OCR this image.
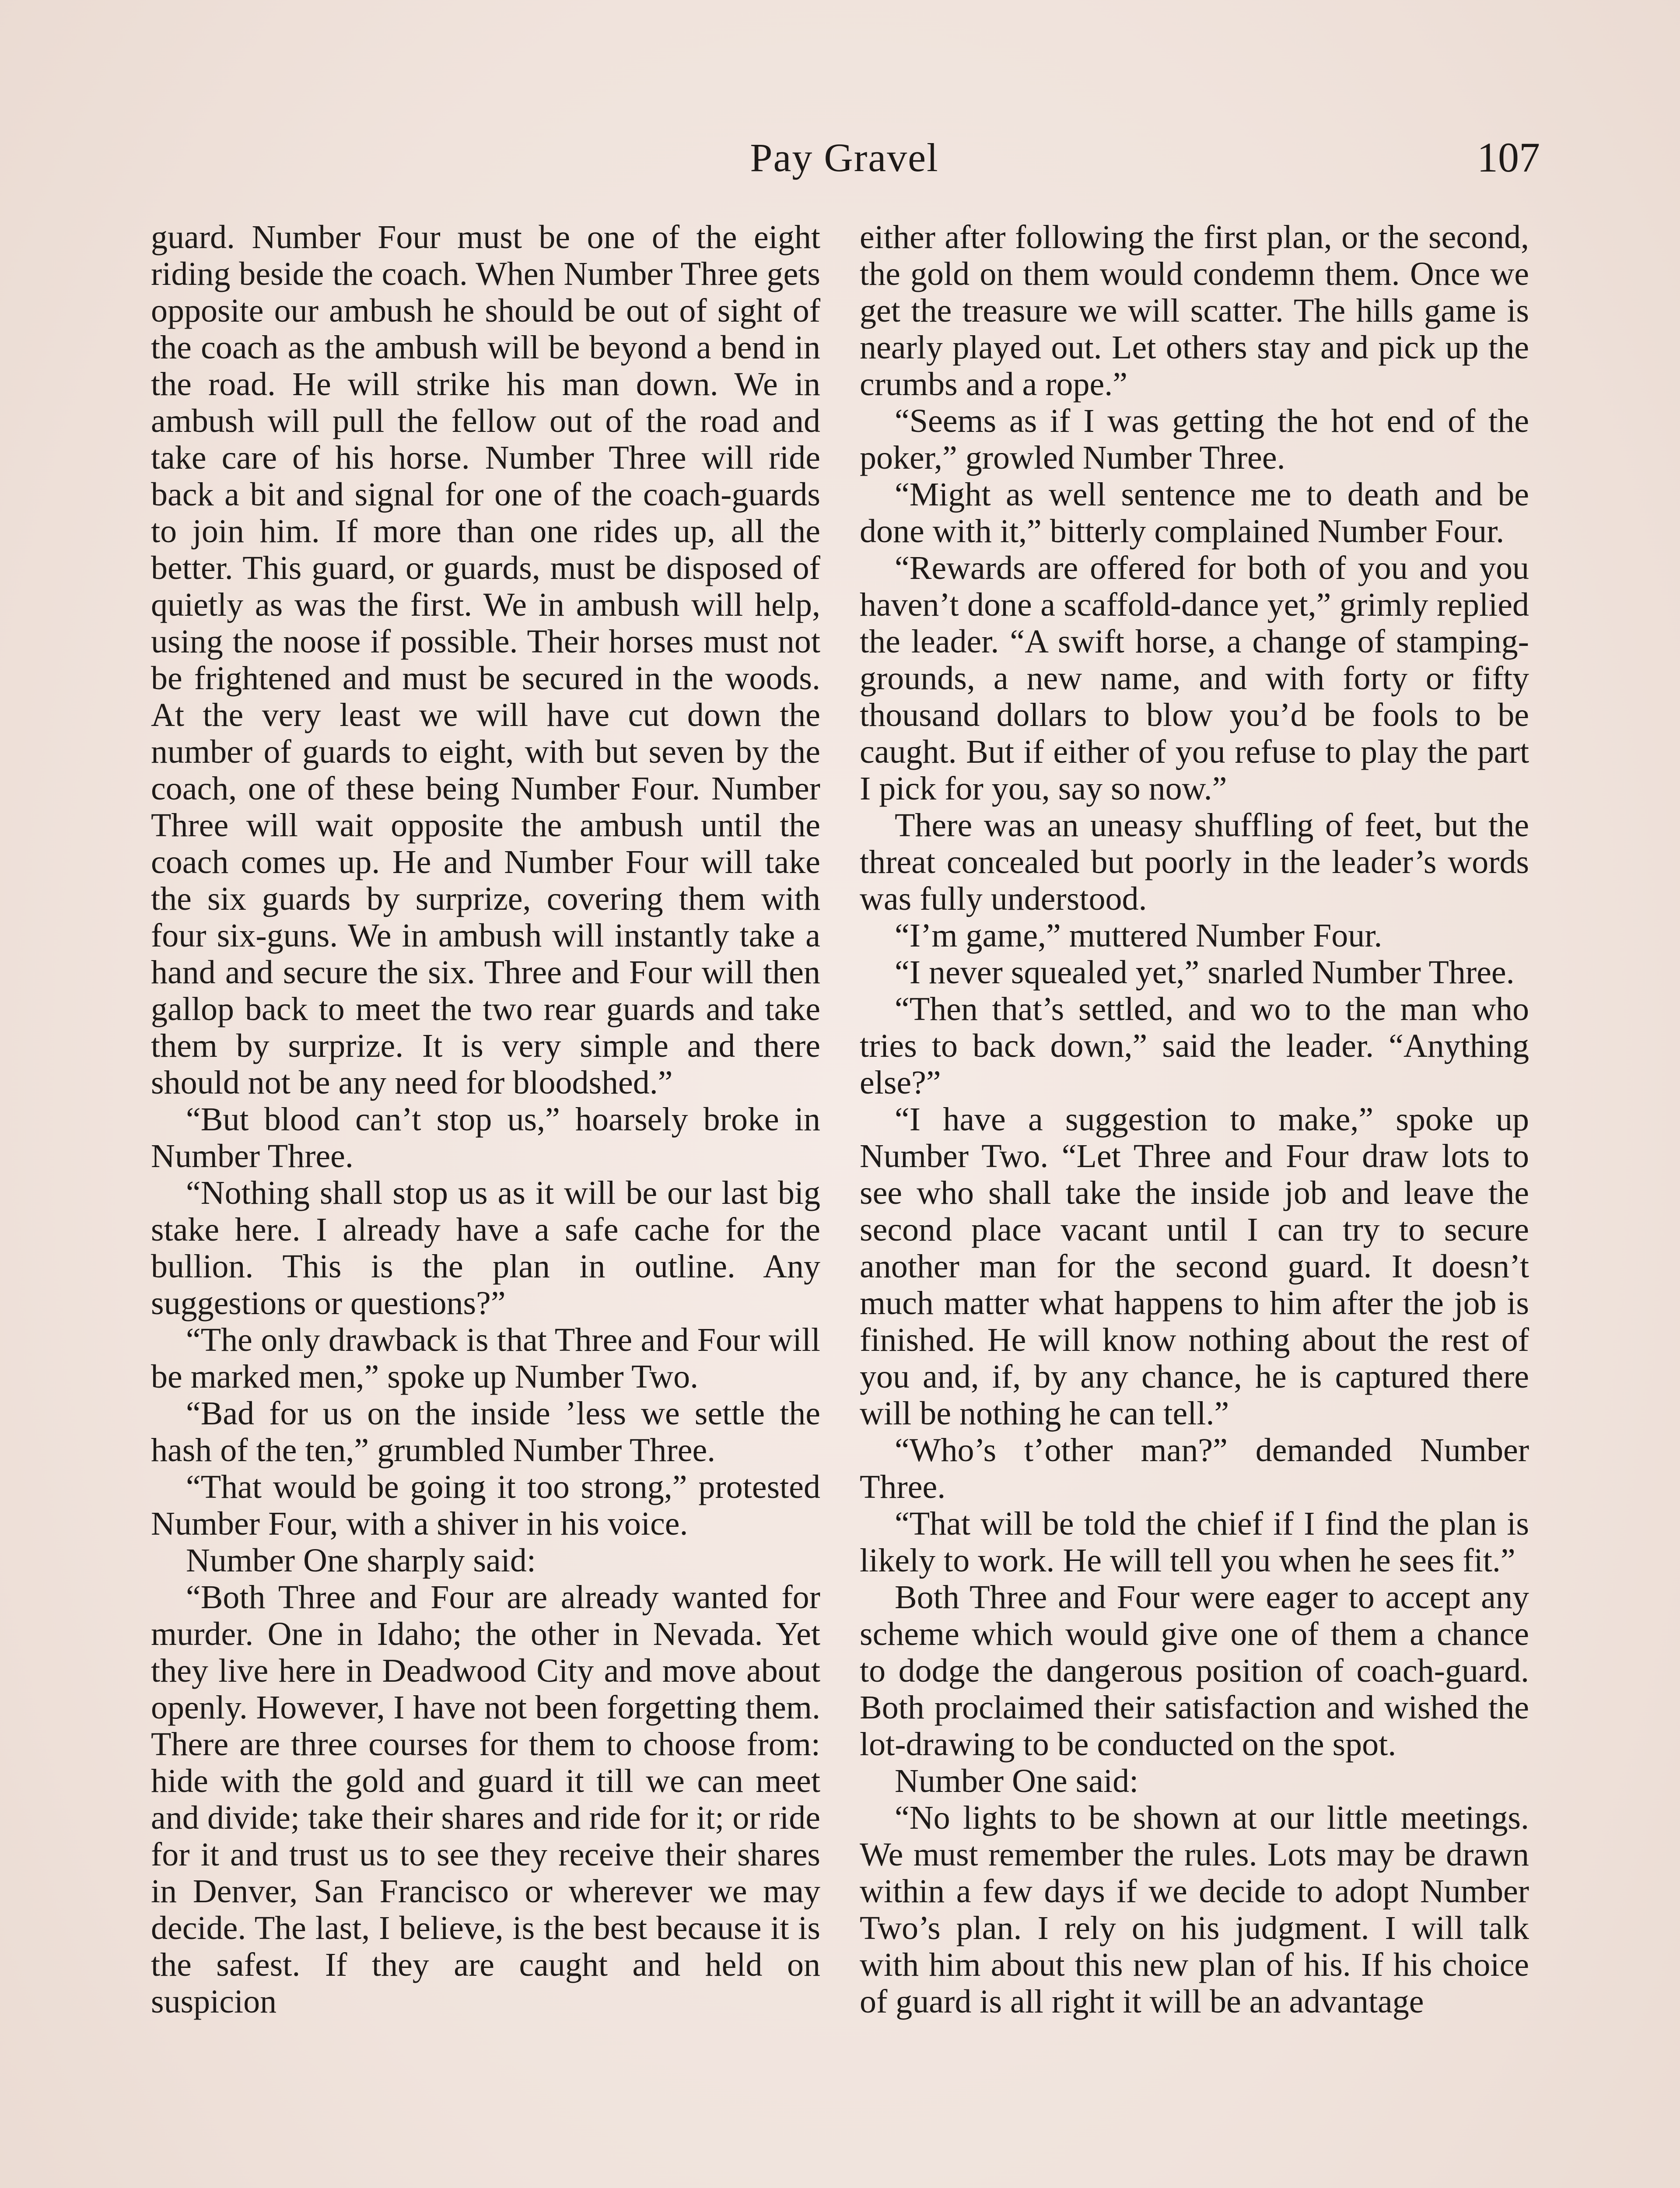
Pay Gravel	107

guard. Number Four must be one of the eight riding beside the coach. When Number Three gets opposite our ambush he should be out of sight of the coach as the ambush will be beyond a bend in the road. He will strike his man down. We in ambush will pull the fellow out of the road and take care of his horse. Number Three will ride back a bit and signal for one of the coach-guards to join him. If more than one rides up, all the better. This guard, or guards, must be disposed of quietly as was the first. We in ambush will help, using the noose if possible. Their horses must not be frightened and must be secured in the woods. At the very least we will have cut down the number of guards to eight, with but seven by the coach, one of these being Number Four. Number Three will wait opposite the ambush until the coach comes up. He and Number Four will take the six guards by surprize, covering them with four six-guns. We in ambush will instantly take a hand and secure the six. Three and Four will then gallop back to meet the two rear guards and take them by surprize. It is very simple and there should not be any need for bloodshed.”

“But blood can’t stop us,” hoarsely broke in Number Three.

“Nothing shall stop us as it will be our last big stake here. I already have a safe cache for the bullion. This is the plan in outline. Any suggestions or questions?”

“The only drawback is that Three and Four will be marked men,” spoke up Number Two.

“Bad for us on the inside ’less we settle the hash of the ten,” grumbled Number Three.

“That would be going it too strong,” protested Number Four, with a shiver in his voice.

Number One sharply said:

“Both Three and Four are already wanted for murder. One in Idaho; the other in Nevada. Yet they live here in Deadwood City and move about openly. However, I have not been forgetting them. There are three courses for them to choose from: hide with the gold and guard it till we can meet and divide; take their shares and ride for it; or ride for it and trust us to see they receive their shares in Denver, San Francisco or wherever we may decide. The last, I believe, is the best because it is the safest. If they are caught and held on suspicion

either after following the first plan, or the second, the gold on them would condemn them. Once we get the treasure we will scatter. The hills game is nearly played out. Let others stay and pick up the crumbs and a rope.”

“Seems as if I was getting the hot end of the poker,” growled Number Three.

“Might as well sentence me to death and be done with it,” bitterly complained Number Four.

“Rewards are offered for both of you and you haven’t done a scaffold-dance yet,” grimly replied the leader. “A swift horse, a change of stamping-grounds, a new name, and with forty or fifty thousand dollars to blow you’d be fools to be caught. But if either of you refuse to play the part I pick for you, say so now.”

There was an uneasy shuffling of feet, but the threat concealed but poorly in the leader’s words was fully understood.

“I’m game,” muttered Number Four.

“I never squealed yet,” snarled Number Three.

“Then that’s settled, and wo to the man who tries to back down,” said the leader. “Anything else?”

“I have a suggestion to make,” spoke up Number Two. “Let Three and Four draw lots to see who shall take the inside job and leave the second place vacant until I can try to secure another man for the second guard. It doesn’t much matter what happens to him after the job is finished. He will know nothing about the rest of you and, if, by any chance, he is captured there will be nothing he can tell.”

“Who’s t’other man?” demanded Number Three.

“That will be told the chief if I find the plan is likely to work. He will tell you when he sees fit.”

Both Three and Four were eager to accept any scheme which would give one of them a chance to dodge the dangerous position of coach-guard. Both proclaimed their satisfaction and wished the lot-drawing to be conducted on the spot.

Number One said:

“No lights to be shown at our little meetings. We must remember the rules. Lots may be drawn within a few days if we decide to adopt Number Two’s plan. I rely on his judgment. I will talk with him about this new plan of his. If his choice of guard is all right it will be an advantage
